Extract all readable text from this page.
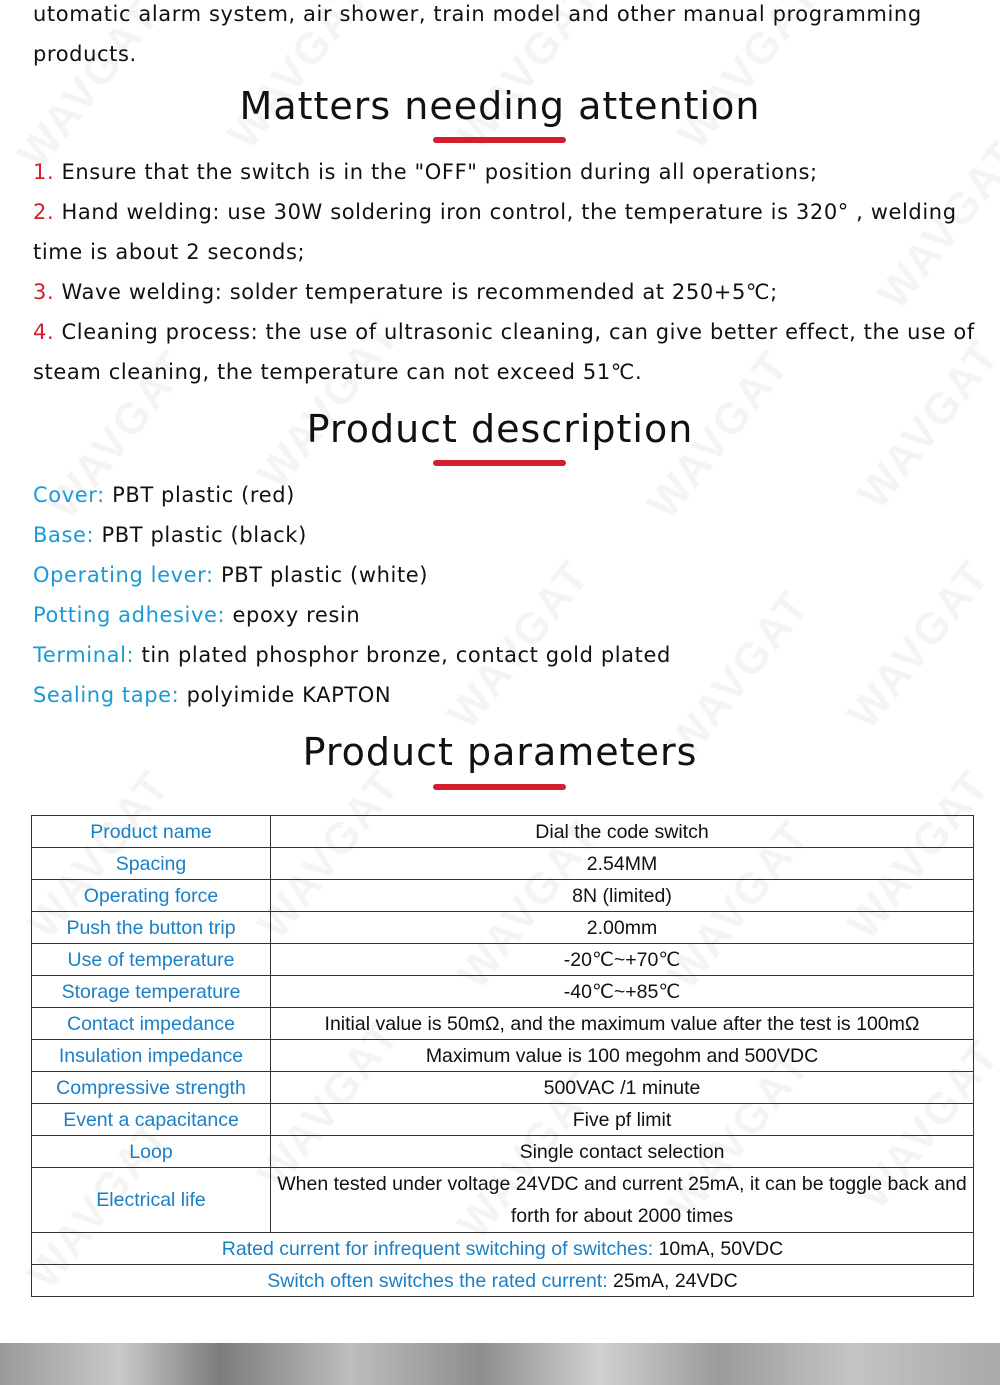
utomatic alarm system, air shower, train model and other manual programming products.

Matters needing attention
1. Ensure that the switch is in the "OFF" position during all operations;
2. Hand welding: use 30W soldering iron control, the temperature is 320° , welding time is about 2 seconds;
3. Wave welding: solder temperature is recommended at 250+5℃;
4. Cleaning process: the use of ultrasonic cleaning, can give better effect, the use of steam cleaning, the temperature can not exceed 51℃.
Product description
Cover: PBT plastic (red)
Base: PBT plastic (black)
Operating lever: PBT plastic (white)
Potting adhesive: epoxy resin
Terminal: tin plated phosphor bronze, contact gold plated
Sealing tape: polyimide KAPTON
Product parameters
Product name	Dial the code switch
Spacing	2.54MM
Operating force	8N (limited)
Push the button trip	2.00mm
Use of temperature	-20℃~+70℃
Storage temperature	-40℃~+85℃
Contact impedance	Initial value is 50mΩ, and the maximum value after the test is 100mΩ
Insulation impedance	Maximum value is 100 megohm and 500VDC
Compressive strength	500VAC /1 minute
Event a capacitance	Five pf limit
Loop	Single contact selection
Electrical life	When tested under voltage 24VDC and current 25mA, it can be toggle back and forth for about 2000 times
Rated current for infrequent switching of switches: 10mA, 50VDC	
Switch often switches the rated current: 25mA, 24VDC	
